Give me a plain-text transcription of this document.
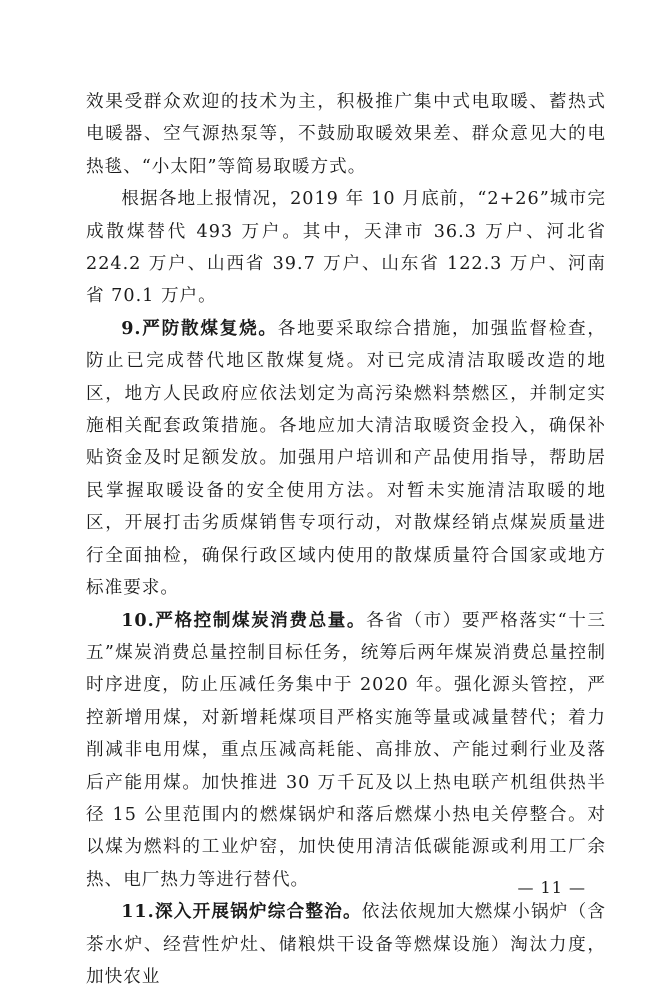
效果受群众欢迎的技术为主，积极推广集中式电取暖、蓄热式电暖器、空气源热泵等，不鼓励取暖效果差、群众意见大的电热毯、“小太阳”等简易取暖方式。

根据各地上报情况，2019 年 10 月底前，“2+26”城市完成散煤替代 493 万户。其中，天津市 36.3 万户、河北省 224.2 万户、山西省 39.7 万户、山东省 122.3 万户、河南省 70.1 万户。

9.严防散煤复烧。各地要采取综合措施，加强监督检查，防止已完成替代地区散煤复烧。对已完成清洁取暖改造的地区，地方人民政府应依法划定为高污染燃料禁燃区，并制定实施相关配套政策措施。各地应加大清洁取暖资金投入，确保补贴资金及时足额发放。加强用户培训和产品使用指导，帮助居民掌握取暖设备的安全使用方法。对暂未实施清洁取暖的地区，开展打击劣质煤销售专项行动，对散煤经销点煤炭质量进行全面抽检，确保行政区域内使用的散煤质量符合国家或地方标准要求。

10.严格控制煤炭消费总量。各省（市）要严格落实“十三五”煤炭消费总量控制目标任务，统筹后两年煤炭消费总量控制时序进度，防止压减任务集中于 2020 年。强化源头管控，严控新增用煤，对新增耗煤项目严格实施等量或减量替代；着力削减非电用煤，重点压减高耗能、高排放、产能过剩行业及落后产能用煤。加快推进 30 万千瓦及以上热电联产机组供热半径 15 公里范围内的燃煤锅炉和落后燃煤小热电关停整合。对以煤为燃料的工业炉窑，加快使用清洁低碳能源或利用工厂余热、电厂热力等进行替代。

11.深入开展锅炉综合整治。依法依规加大燃煤小锅炉（含茶水炉、经营性炉灶、储粮烘干设备等燃煤设施）淘汰力度，加快农业

— 11 —
